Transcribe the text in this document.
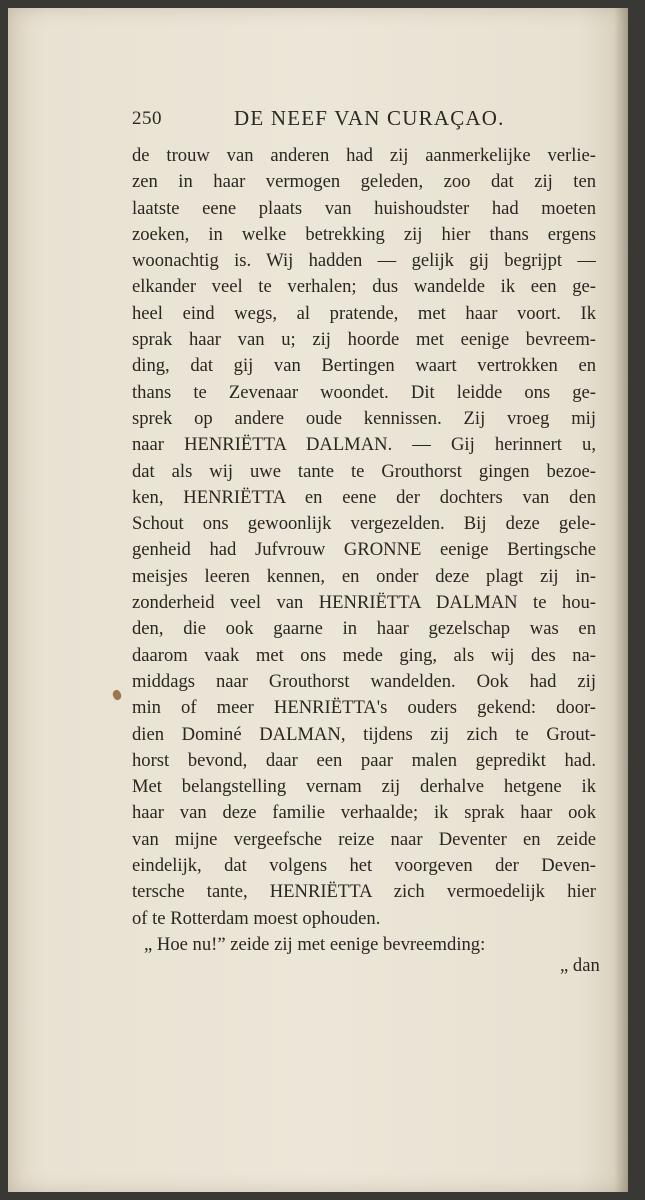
250	DE NEEF VAN CURAÇAO.
de trouw van anderen had zij aanmerkelijke verlie-
zen in haar vermogen geleden, zoo dat zij ten
laatste eene plaats van huishoudster had moeten
zoeken, in welke betrekking zij hier thans ergens
woonachtig is. Wij hadden — gelijk gij begrijpt —
elkander veel te verhalen; dus wandelde ik een ge-
heel eind wegs, al pratende, met haar voort. Ik
sprak haar van u; zij hoorde met eenige bevreem-
ding, dat gij van Bertingen waart vertrokken en
thans te Zevenaar woondet. Dit leidde ons ge-
sprek op andere oude kennissen. Zij vroeg mij
naar HENRIËTTA DALMAN. — Gij herinnert u,
dat als wij uwe tante te Grouthorst gingen bezoe-
ken, HENRIËTTA en eene der dochters van den
Schout ons gewoonlijk vergezelden. Bij deze gele-
genheid had Jufvrouw GRONNE eenige Bertingsche
meisjes leeren kennen, en onder deze plagt zij in-
zonderheid veel van HENRIËTTA DALMAN te hou-
den, die ook gaarne in haar gezelschap was en
daarom vaak met ons mede ging, als wij des na-
middags naar Grouthorst wandelden. Ook had zij
min of meer HENRIËTTA's ouders gekend: door-
dien Dominé DALMAN, tijdens zij zich te Grout-
horst bevond, daar een paar malen gepredikt had.
Met belangstelling vernam zij derhalve hetgene ik
haar van deze familie verhaalde; ik sprak haar ook
van mijne vergeefsche reize naar Deventer en zeide
eindelijk, dat volgens het voorgeven der Deven-
tersche tante, HENRIËTTA zich vermoedelijk hier
of te Rotterdam moest ophouden.
„ Hoe nu!” zeide zij met eenige bevreemding:
„ dan
